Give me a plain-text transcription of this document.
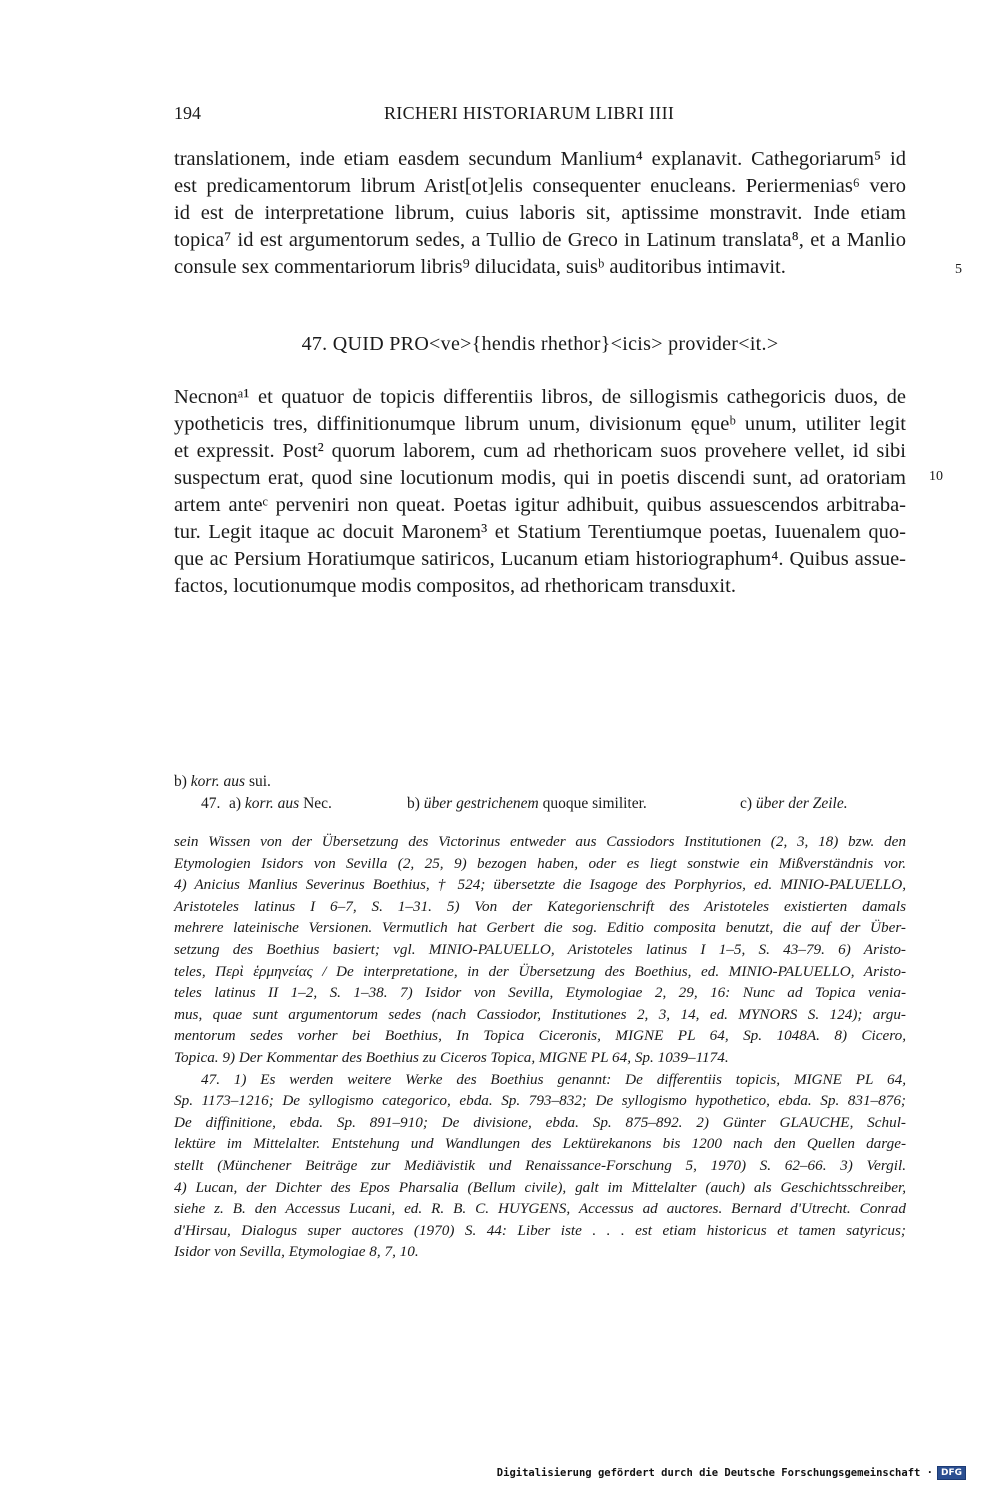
194	RICHERI HISTORIARUM LIBRI IIII
translationem, inde etiam easdem secundum Manlium⁴ explanavit. Cathegoriarum⁵ id
est predicamentorum librum Arist[ot]elis consequenter enucleans. Periermenias⁶ vero
id est de interpretatione librum, cuius laboris sit, aptissime monstravit. Inde etiam
topica⁷ id est argumentorum sedes, a Tullio de Greco in Latinum translata⁸, et a Manlio
consule sex commentariorum libris⁹ dilucidata, suisᵇ auditoribus intimavit.	5
47. QUID PRO<ve>{hendis rhethor}<icis> provider<it.>
Necnonᵃ¹ et quatuor de topicis differentiis libros, de sillogismis cathegoricis duos, de
ypotheticis tres, diffinitionumque librum unum, divisionum ęqueᵇ unum, utiliter legit
et expressit. Post² quorum laborem, cum ad rhethoricam suos provehere vellet, id sibi
suspectum erat, quod sine locutionum modis, qui in poetis discendi sunt, ad oratoriam
artem anteᶜ perveniri non queat. Poetas igitur adhibuit, quibus assuescendos arbitraba-
tur. Legit itaque ac docuit Maronem³ et Statium Terentiumque poetas, Iuuenalem quo-
que ac Persium Horatiumque satiricos, Lucanum etiam historiographum⁴. Quibus assue-
factos, locutionumque modis compositos, ad rhethoricam transduxit.
10
b) korr. aus sui.
47. a) korr. aus Nec.	b) über gestrichenem quoque similiter.	c) über der Zeile.
sein Wissen von der Übersetzung des Victorinus entweder aus Cassiodors Institutionen (2, 3, 18) bzw. den
Etymologien Isidors von Sevilla (2, 25, 9) bezogen haben, oder es liegt sonstwie ein Mißverständnis vor.
4) Anicius Manlius Severinus Boethius, † 524; übersetzte die Isagoge des Porphyrios, ed. MINIO-PALUELLO,
Aristoteles latinus I 6–7, S. 1–31. 5) Von der Kategorienschrift des Aristoteles existierten damals
mehrere lateinische Versionen. Vermutlich hat Gerbert die sog. Editio composita benutzt, die auf der Über-
setzung des Boethius basiert; vgl. MINIO-PALUELLO, Aristoteles latinus I 1–5, S. 43–79. 6) Aristo-
teles, Περὶ ἑρμηνείας / De interpretatione, in der Übersetzung des Boethius, ed. MINIO-PALUELLO, Aristo-
teles latinus II 1–2, S. 1–38. 7) Isidor von Sevilla, Etymologiae 2, 29, 16: Nunc ad Topica venia-
mus, quae sunt argumentorum sedes (nach Cassiodor, Institutiones 2, 3, 14, ed. MYNORS S. 124); argu-
mentorum sedes vorher bei Boethius, In Topica Ciceronis, MIGNE PL 64, Sp. 1048A. 8) Cicero,
Topica. 9) Der Kommentar des Boethius zu Ciceros Topica, MIGNE PL 64, Sp. 1039–1174.
47. 1) Es werden weitere Werke des Boethius genannt: De differentiis topicis, MIGNE PL 64,
Sp. 1173–1216; De syllogismo categorico, ebda. Sp. 793–832; De syllogismo hypothetico, ebda. Sp. 831–876;
De diffinitione, ebda. Sp. 891–910; De divisione, ebda. Sp. 875–892. 2) Günter GLAUCHE, Schul-
lektüre im Mittelalter. Entstehung und Wandlungen des Lektürekanons bis 1200 nach den Quellen darge-
stellt (Münchener Beiträge zur Mediävistik und Renaissance-Forschung 5, 1970) S. 62–66. 3) Vergil.
4) Lucan, der Dichter des Epos Pharsalia (Bellum civile), galt im Mittelalter (auch) als Geschichtsschreiber,
siehe z. B. den Accessus Lucani, ed. R. B. C. HUYGENS, Accessus ad auctores. Bernard d'Utrecht. Conrad
d'Hirsau, Dialogus super auctores (1970) S. 44: Liber iste . . . est etiam historicus et tamen satyricus;
Isidor von Sevilla, Etymologiae 8, 7, 10.
Digitalisierung gefördert durch die Deutsche Forschungsgemeinschaft · DFG
